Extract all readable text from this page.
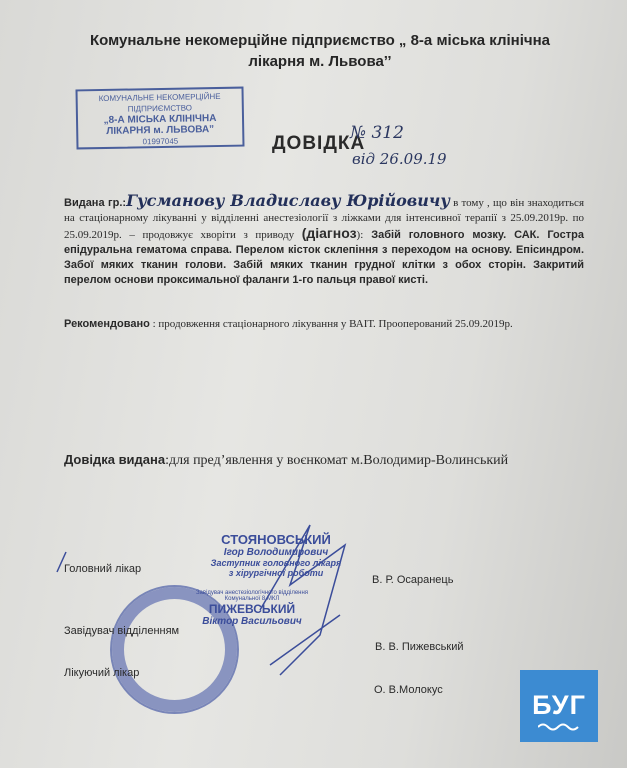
Комунальне некомерційне підприємство „ 8-а міська клінічна
лікарня м. Львова’’
КОМУНАЛЬНЕ НЕКОМЕРЦІЙНЕ
ПІДПРИЄМСТВО
„8-А МІСЬКА КЛІНІЧНА
ЛІКАРНЯ м. ЛЬВОВА”
01997045	ДОВІДКА
№ 312
від 26.09.19
Видана гр.:Гусманову Владиславу Юрійовичу в тому , що він знаходиться на стаціонарному лікуванні у відділенні анестезіології з ліжками для інтенсивної терапії з 25.09.2019р. по 25.09.2019р. – продовжує хворіти з приводу (діагноз): Забій головного мозку. САК. Гостра епідуральна гематома справа. Перелом кісток склепіння з переходом на основу. Епісиндром. Забої мяких тканин голови. Забій мяких тканин грудної клітки з обох сторін. Закритий перелом основи проксимальної фаланги 1-го пальця правої кисті.
Рекомендовано : продовження стаціонарного лікування у ВАІТ. Прооперований 25.09.2019р.
Довідка видана:для пред’явлення у воєнкомат м.Володимир-Волинський
СТОЯНОВСЬКИЙ
Ігор Володимирович
Заступник головного лікаря
з хірургічної роботи
Завідувач анестезіологічного відділення
Комунальної 8 МКЛ
ПИЖЕВСЬКИЙ
Віктор Васильович
Головний лікар
В. Р. Осаранець
Завідувач відділенням
В. В. Пижевський
Лікуючий лікар
О. В.Молокус	БУГ
